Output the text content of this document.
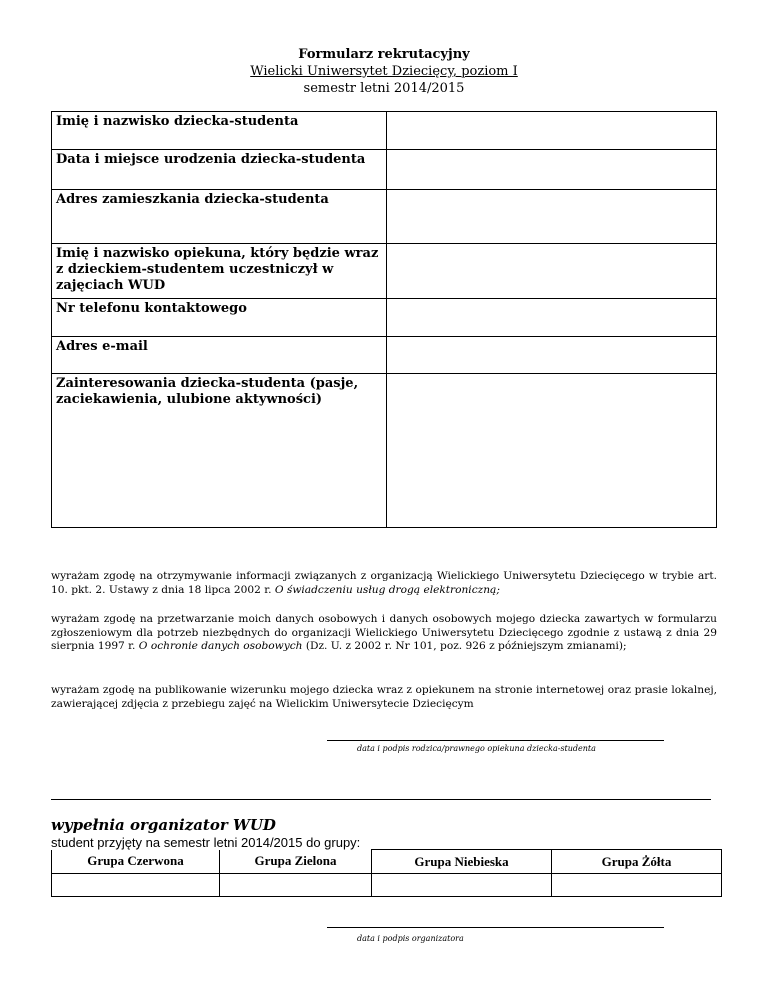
Formularz rekrutacyjny
Wielicki Uniwersytet Dziecięcy, poziom I
semestr letni 2014/2015
Imię i nazwisko dziecka-studenta	
Data i miejsce urodzenia dziecka-studenta	
Adres zamieszkania dziecka-studenta	
Imię i nazwisko opiekuna, który będzie wraz z dzieckiem-studentem uczestniczył w zajęciach WUD	
Nr telefonu kontaktowego	
Adres e-mail	
Zainteresowania dziecka-studenta (pasje, zaciekawienia, ulubione aktywności)	
wyrażam zgodę na otrzymywanie informacji związanych z organizacją Wielickiego Uniwersytetu Dziecięcego w trybie art. 10. pkt. 2. Ustawy z dnia 18 lipca 2002 r. O świadczeniu usług drogą elektroniczną;
wyrażam zgodę na przetwarzanie moich danych osobowych i danych osobowych mojego dziecka zawartych w formularzu zgłoszeniowym dla potrzeb niezbędnych do organizacji Wielickiego Uniwersytetu Dziecięcego zgodnie z ustawą z dnia 29 sierpnia 1997 r. O ochronie danych osobowych (Dz. U. z 2002 r. Nr 101, poz. 926 z późniejszym zmianami);
wyrażam zgodę na publikowanie wizerunku mojego dziecka wraz z opiekunem na stronie internetowej oraz prasie lokalnej, zawierającej zdjęcia z przebiegu zajęć na Wielickim Uniwersytecie Dziecięcym
data i podpis rodzica/prawnego opiekuna dziecka-studenta
wypełnia organizator WUD
student przyjęty na semestr letni 2014/2015 do grupy:
Grupa Czerwona	Grupa Zielona	Grupa Niebieska	Grupa Żółta

data i podpis organizatora
